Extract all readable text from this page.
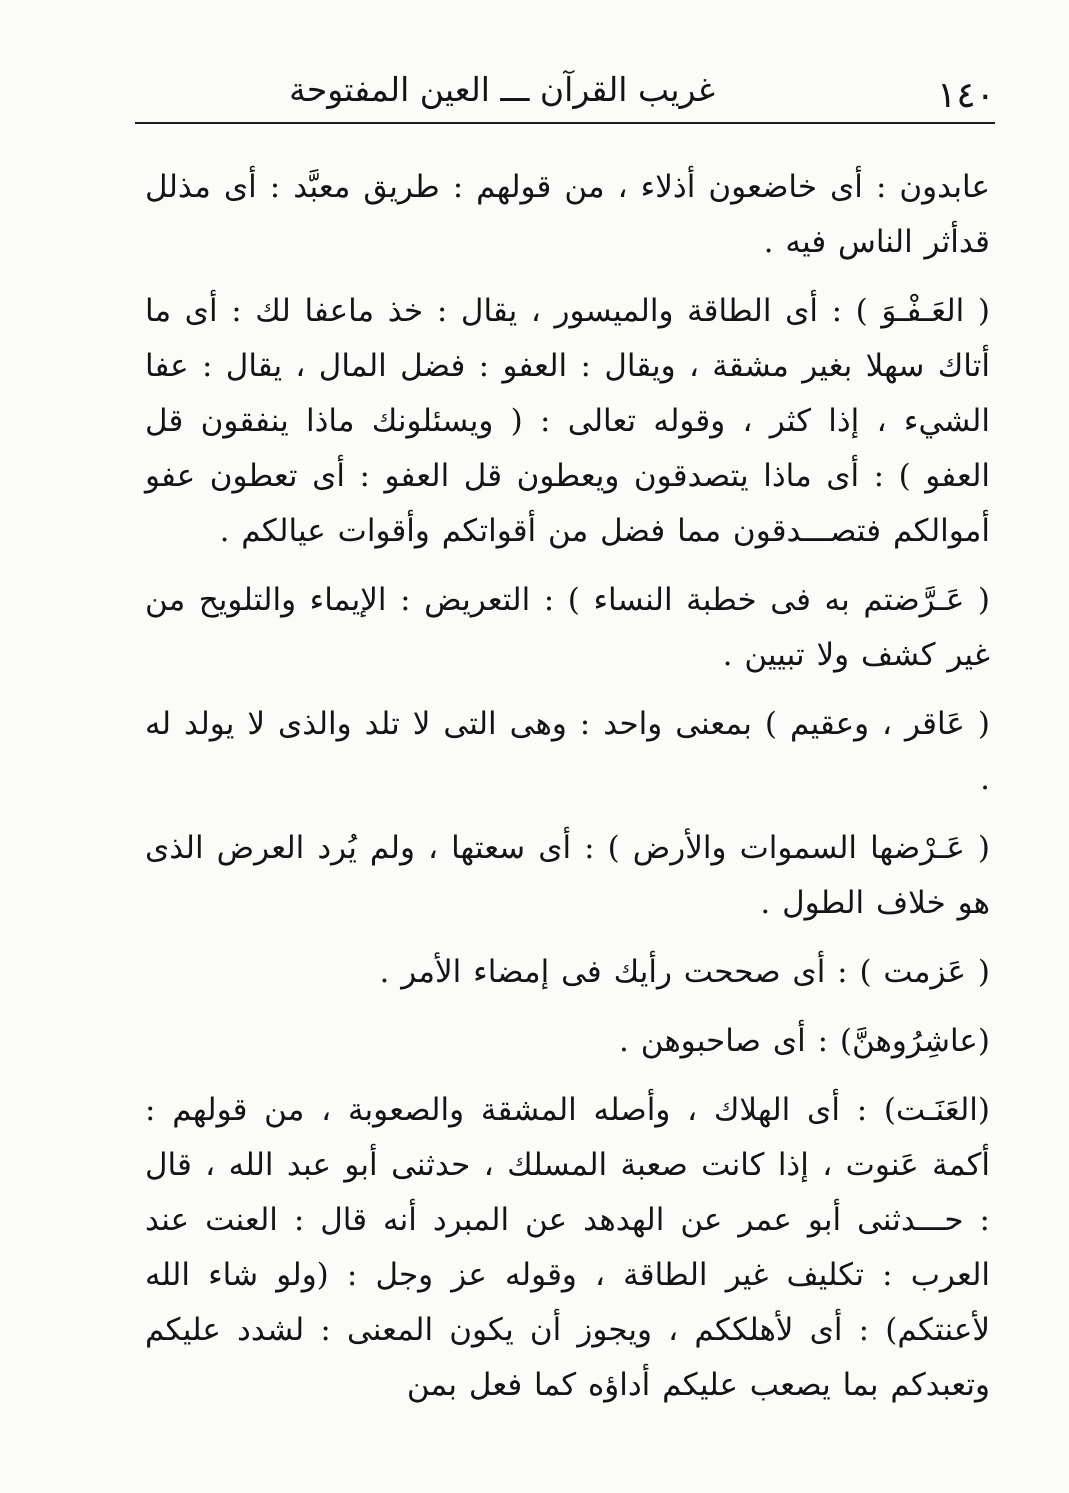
١٤٠
غريب القرآن ـــ العين المفتوحة

عابدون : أى خاضعون أذلاء ، من قولهم : طريق معبَّد : أى مذلل قدأثر الناس فيه .

( العَـفْـوَ ) : أى الطاقة والميسور ، يقال : خذ ماعفا لك : أى ما أتاك سهلا بغير مشقة ، ويقال : العفو : فضل المال ، يقال : عفا الشيء ، إذا كثر ، وقوله تعالى : ( ويسئلونك ماذا ينفقون قل العفو ) : أى ماذا يتصدقون ويعطون قل العفو : أى تعطون عفو أموالكم فتصـــدقون مما فضل من أقواتكم وأقوات عيالكم .

( عَـرَّضتم به فى خطبة النساء ) : التعريض : الإيماء والتلويح من غير كشف ولا تبيين .

( عَاقر ، وعقيم ) بمعنى واحد : وهى التى لا تلد والذى لا يولد له .

( عَـرْضها السموات والأرض ) : أى سعتها ، ولم يُرد العرض الذى هو خلاف الطول .

( عَزمت ) : أى صححت رأيك فى إمضاء الأمر .

(عاشِرُوهنَّ) : أى صاحبوهن .

(العَنَـت) : أى الهلاك ، وأصله المشقة والصعوبة ، من قولهم : أكمة عَنوت ، إذا كانت صعبة المسلك ، حدثنى أبو عبد الله ، قال : حـــدثنى أبو عمر عن الهدهد عن المبرد أنه قال : العنت عند العرب : تكليف غير الطاقة ، وقوله عز وجل : (ولو شاء الله لأعنتكم) : أى لأهلككم ، ويجوز أن يكون المعنى : لشدد عليكم وتعبدكم بما يصعب عليكم أداؤه كما فعل بمن
